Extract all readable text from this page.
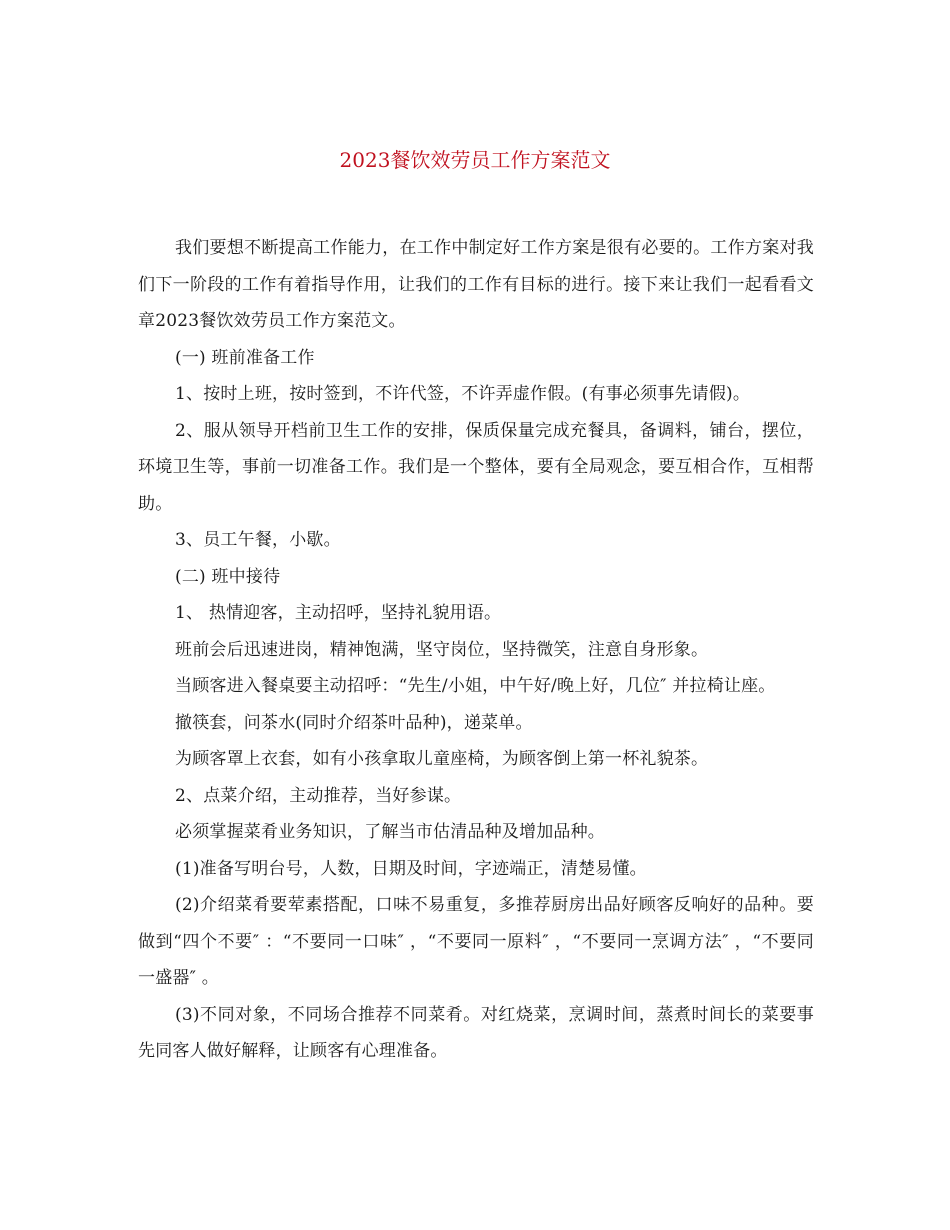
2023餐饮效劳员工作方案范文

我们要想不断提高工作能力，在工作中制定好工作方案是很有必要的。工作方案对我们下一阶段的工作有着指导作用，让我们的工作有目标的进行。接下来让我们一起看看文章2023餐饮效劳员工作方案范文。

(一) 班前准备工作

1、按时上班，按时签到，不许代签，不许弄虚作假。(有事必须事先请假)。

2、服从领导开档前卫生工作的安排，保质保量完成充餐具，备调料，铺台，摆位，环境卫生等，事前一切准备工作。我们是一个整体，要有全局观念，要互相合作，互相帮助。

3、员工午餐，小歇。

(二) 班中接待

1、 热情迎客，主动招呼，坚持礼貌用语。

班前会后迅速进岗，精神饱满，坚守岗位，坚持微笑，注意自身形象。

当顾客进入餐桌要主动招呼：“先生/小姐，中午好/晚上好，几位″ 并拉椅让座。

撤筷套，问茶水(同时介绍茶叶品种)，递菜单。

为顾客罩上衣套，如有小孩拿取儿童座椅，为顾客倒上第一杯礼貌茶。

2、点菜介绍，主动推荐，当好参谋。

必须掌握菜肴业务知识，了解当市估清品种及增加品种。

(1)准备写明台号，人数，日期及时间，字迹端正，清楚易懂。

(2)介绍菜肴要荤素搭配，口味不易重复，多推荐厨房出品好顾客反响好的品种。要做到“四个不要″ ：“不要同一口味″ ，“不要同一原料″ ，“不要同一烹调方法″ ，“不要同一盛器″ 。

(3)不同对象，不同场合推荐不同菜肴。对红烧菜，烹调时间，蒸煮时间长的菜要事先同客人做好解释，让顾客有心理准备。
